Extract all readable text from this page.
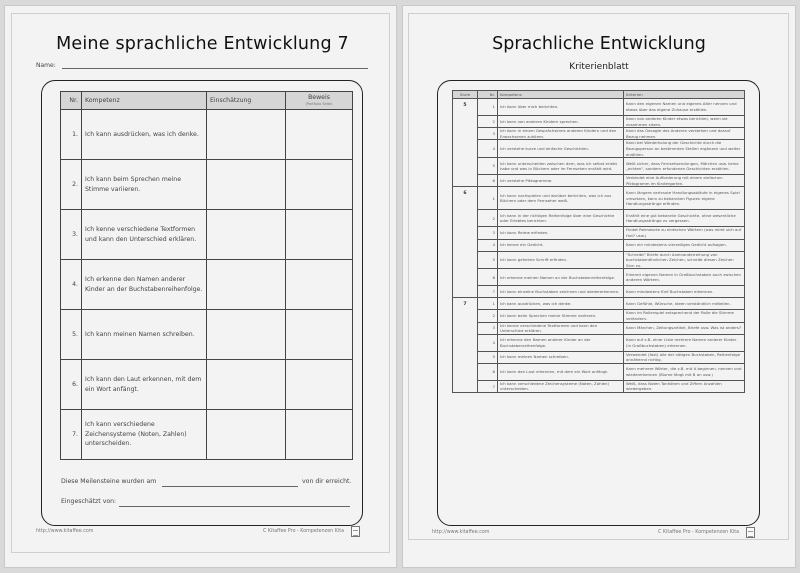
Meine sprachliche Entwicklung 7
Name:
Nr.	Kompetenz	Einschätzung	Beweis
(Portfolio Seite)

1.	Ich kann ausdrücken, was ich denke.		
2.	Ich kann beim Sprechen meine Stimme variieren.		
3.	Ich kenne verschiedene Textformen und kann den Unterschied erklären.		
4.	Ich erkenne den Namen anderer Kinder an der Buchstabenreihenfolge.		
5.	Ich kann meinen Namen schreiben.		
6.	Ich kann den Laut erkennen, mit dem ein Wort anfängt.		
7.	Ich kann verschiedene Zeichensysteme (Noten, Zahlen) unterscheiden.		
Diese Meilensteine wurden am	von dir erreicht.
Eingeschätzt von:
http://www.kitaffee.com	C Kitaffee Pro - Kompetenzen Kita
Sprachliche Entwicklung
Kriterienblatt
Stufe	Nr.	Kompetenz	Kriterien
5	1	Ich kann über mich berichten.	Kann den eigenen Namen und eigenes Alter nennen und etwas über das eigene Zuhause erzählen.
	2	Ich kann von anderen Kindern sprechen.	Kann von anderen Kinder etwas berichten, wenn sie zusammen sitzen.
	3	Ich kann in einem Gesprächskreis anderen Kindern und den Erwachsenen zuhören.	Kann das Gesagte des Anderen verstehen und darauf Bezug nehmen.
	4	Ich verstehe kurze und einfache Geschichten.	Kann bei Wiederholung der Geschichte durch die Bezugsperson an bestimmten Stellen ergänzen und weiter erzählen.
	5	Ich kann unterscheiden zwischen dem, was ich selbst erlebt habe und was in Büchern oder im Fernsehen erzählt wird.	Weiß sicher, dass Fernsehsendungen, Märchen usw. keine „echten“, sondern erfundenen Geschichten erzählen.
	6	Ich verstehe Piktogramme.	Verbindet eine Aufforderung mit einem einfachen Piktogramm im Kindergarten.
6	1	Ich kann nachspielen und darüber berichten, was ich aus Büchern oder dem Fernseher weiß.	Kann längere vertraute Handlungsabläufe in eigenes Spiel umsetzen, kann zu bekannten Figuren eigene Handlungsstränge erfinden.
	2	Ich kann in der richtigen Reihenfolge über eine Geschichte oder Erlebtes berichten.	Erzählt eine gut bekannte Geschichte, ohne wesentliche Handlungsstränge zu vergessen.
	3	Ich kann Reime erfinden.	Findet Reimworte zu einfachen Wörtern (was reimt sich auf Hut? usw.)
	4	Ich kenne ein Gedicht.	Kann ein mindestens vierzeiliges Gedicht aufsagen.
	5	Ich kann geheime Schrift erfinden.	"Schreibt" Briefe durch Aneinanderreihung von buchstabenähnlichen Zeichen, schreibt diesen Zeichen Sinn zu.
	6	Ich erkenne meinen Namen an der Buchstabenreihenfolge.	Erkennt eigenen Namen in Großbuchstaben auch zwischen anderen Wörtern.
	7	Ich kann einzelne Buchstaben zeichnen und wiedererkennen.	Kann mindestens fünf Buchstaben erkennen.
7	1	Ich kann ausdrücken, was ich denke.	Kann Gefühle, Wünsche, Ideen verständlich mitteilen.
	2	Ich kann beim Sprechen meine Stimme variieren.	Kann im Rollenspiel entsprechend der Rolle die Stimme verändern.
	3	Ich kenne verschiedene Textformen und kann den Unterschied erklären.	Kann Märchen, Zeitungsartikel, Briefe usw. Was ist anders?
	4	Ich erkenne den Namen anderer Kinder an der Buchstabenreihenfolge.	Kann auf z.B. einer Liste mehrere Namen anderer Kinder (in Großbuchstaben) erkennen.
	5	Ich kann meinen Namen schreiben.	Verwendet (fast) alle der nötigen Buchstaben, Reihenfolge annähernd richtig.
	6	Ich kann den Laut erkennen, mit dem ein Wort anfängt.	Kann mehrere Wörter, die z.B. mit A beginnen, nennen und wiedererkennen (Blume fängt mit B an usw.)
	7	Ich kann verschiedene Zeichensysteme (Noten, Zahlen) unterscheiden.	Weiß, dass Noten Tonhöhen und Ziffern Anzahlen wiedergeben.
http://www.kitaffee.com	C Kitaffee Pro - Kompetenzen Kita
